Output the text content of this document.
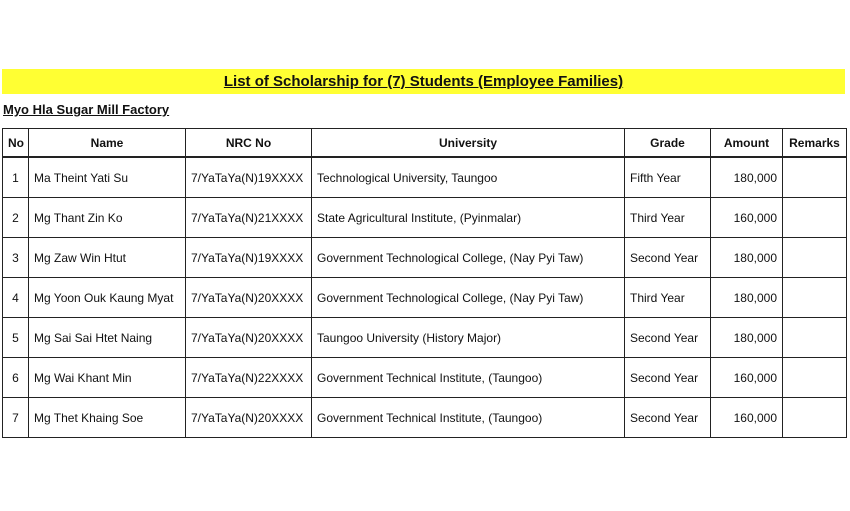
List of Scholarship for (7) Students (Employee Families)
Myo Hla Sugar Mill Factory
No	Name	NRC No	University	Grade	Amount	Remarks
1	Ma Theint Yati Su	7/YaTaYa(N)19XXXX	Technological University, Taungoo	Fifth Year	180,000	
2	Mg Thant Zin Ko	7/YaTaYa(N)21XXXX	State Agricultural Institute, (Pyinmalar)	Third Year	160,000	
3	Mg Zaw Win Htut	7/YaTaYa(N)19XXXX	Government Technological College, (Nay Pyi Taw)	Second Year	180,000	
4	Mg Yoon Ouk Kaung Myat	7/YaTaYa(N)20XXXX	Government Technological College, (Nay Pyi Taw)	Third Year	180,000	
5	Mg Sai Sai Htet Naing	7/YaTaYa(N)20XXXX	Taungoo University (History Major)	Second Year	180,000	
6	Mg Wai Khant Min	7/YaTaYa(N)22XXXX	Government Technical Institute, (Taungoo)	Second Year	160,000	
7	Mg Thet Khaing Soe	7/YaTaYa(N)20XXXX	Government Technical Institute, (Taungoo)	Second Year	160,000	
